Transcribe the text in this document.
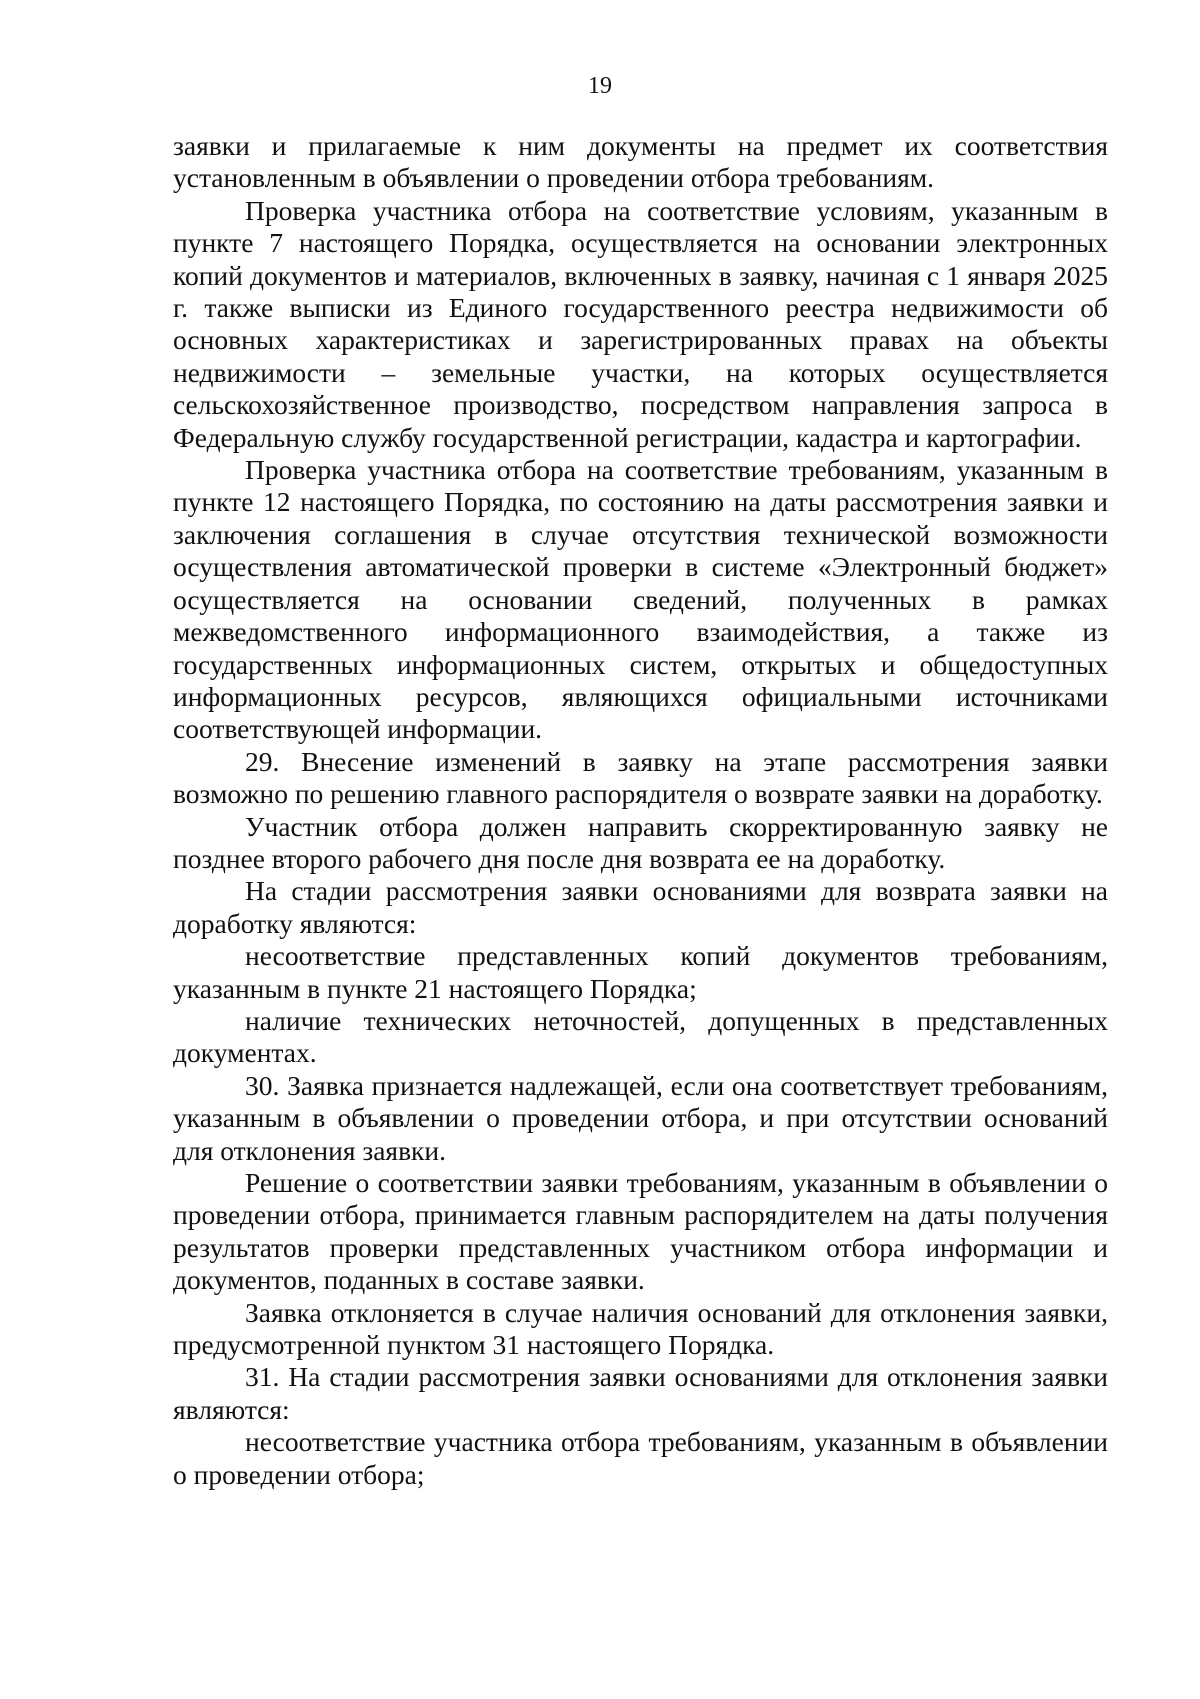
19

заявки и прилагаемые к ним документы на предмет их соответствия установленным в объявлении о проведении отбора требованиям.

Проверка участника отбора на соответствие условиям, указанным в пункте 7 настоящего Порядка, осуществляется на основании электронных копий документов и материалов, включенных в заявку, начиная с 1 января 2025 г. также выписки из Единого государственного реестра недвижимости об основных характеристиках и зарегистрированных правах на объекты недвижимости – земельные участки, на которых осуществляется сельскохозяйственное производство, посредством направления запроса в Федеральную службу государственной регистрации, кадастра и картографии.

Проверка участника отбора на соответствие требованиям, указанным в пункте 12 настоящего Порядка, по состоянию на даты рассмотрения заявки и заключения соглашения в случае отсутствия технической возможности осуществления автоматической проверки в системе «Электронный бюджет» осуществляется на основании сведений, полученных в рамках межведомственного информационного взаимодействия, а также из государственных информационных систем, открытых и общедоступных информационных ресурсов, являющихся официальными источниками соответствующей информации.

29. Внесение изменений в заявку на этапе рассмотрения заявки возможно по решению главного распорядителя о возврате заявки на доработку.

Участник отбора должен направить скорректированную заявку не позднее второго рабочего дня после дня возврата ее на доработку.

На стадии рассмотрения заявки основаниями для возврата заявки на доработку являются:

несоответствие представленных копий документов требованиям, указанным в пункте 21 настоящего Порядка;

наличие технических неточностей, допущенных в представленных документах.

30. Заявка признается надлежащей, если она соответствует требованиям, указанным в объявлении о проведении отбора, и при отсутствии оснований для отклонения заявки.

Решение о соответствии заявки требованиям, указанным в объявлении о проведении отбора, принимается главным распорядителем на даты получения результатов проверки представленных участником отбора информации и документов, поданных в составе заявки.

Заявка отклоняется в случае наличия оснований для отклонения заявки, предусмотренной пунктом 31 настоящего Порядка.

31. На стадии рассмотрения заявки основаниями для отклонения заявки являются:

несоответствие участника отбора требованиям, указанным в объявлении о проведении отбора;
